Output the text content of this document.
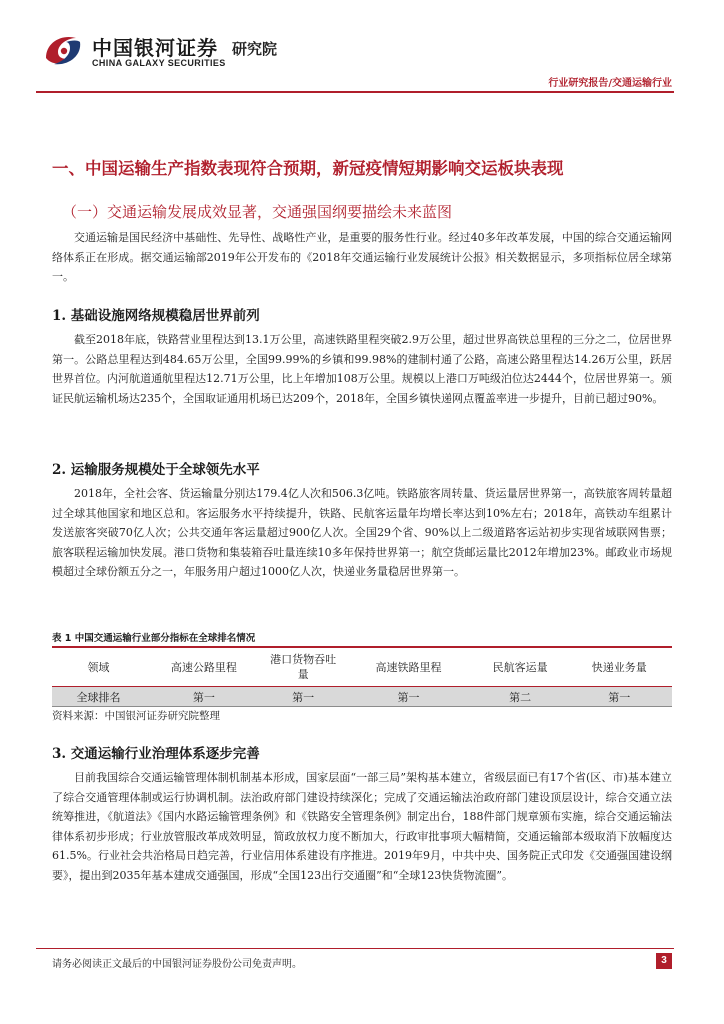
中国银河证券
CHINA GALAXY SECURITIES
研究院
行业研究报告/交通运输行业
一、中国运输生产指数表现符合预期，新冠疫情短期影响交运板块表现
（一）交通运输发展成效显著，交通强国纲要描绘未来蓝图

交通运输是国民经济中基础性、先导性、战略性产业，是重要的服务性行业。经过40多年改革发展，中国的综合交通运输网络体系正在形成。据交通运输部2019年公开发布的《2018年交通运输行业发展统计公报》相关数据显示，多项指标位居全球第一。

1. 基础设施网络规模稳居世界前列

截至2018年底，铁路营业里程达到13.1万公里，高速铁路里程突破2.9万公里，超过世界高铁总里程的三分之二，位居世界第一。公路总里程达到484.65万公里，全国99.99%的乡镇和99.98%的建制村通了公路，高速公路里程达14.26万公里，跃居世界首位。内河航道通航里程达12.71万公里，比上年增加108万公里。规模以上港口万吨级泊位达2444个，位居世界第一。颁证民航运输机场达235个，全国取证通用机场已达209个，2018年，全国乡镇快递网点覆盖率进一步提升，目前已超过90%。

2. 运输服务规模处于全球领先水平

2018年，全社会客、货运输量分别达179.4亿人次和506.3亿吨。铁路旅客周转量、货运量居世界第一，高铁旅客周转量超过全球其他国家和地区总和。客运服务水平持续提升，铁路、民航客运量年均增长率达到10%左右；2018年，高铁动车组累计发送旅客突破70亿人次；公共交通年客运量超过900亿人次。全国29个省、90%以上二级道路客运站初步实现省域联网售票；旅客联程运输加快发展。港口货物和集装箱吞吐量连续10多年保持世界第一；航空货邮运量比2012年增加23%。邮政业市场规模超过全球份额五分之一，年服务用户超过1000亿人次，快递业务量稳居世界第一。

表 1 中国交通运输行业部分指标在全球排名情况
领域	高速公路里程	港口货物吞吐量	高速铁路里程	民航客运量	快递业务量
全球排名	第一	第一	第一	第二	第一
资料来源：中国银河证券研究院整理
3. 交通运输行业治理体系逐步完善

目前我国综合交通运输管理体制机制基本形成，国家层面“一部三局”架构基本建立，省级层面已有17个省(区、市)基本建立了综合交通管理体制或运行协调机制。法治政府部门建设持续深化；完成了交通运输法治政府部门建设顶层设计，综合交通立法统筹推进，《航道法》《国内水路运输管理条例》和《铁路安全管理条例》制定出台，188件部门规章颁布实施，综合交通运输法律体系初步形成；行业放管服改革成效明显，简政放权力度不断加大，行政审批事项大幅精简，交通运输部本级取消下放幅度达61.5%。行业社会共治格局日趋完善，行业信用体系建设有序推进。2019年9月，中共中央、国务院正式印发《交通强国建设纲要》，提出到2035年基本建成交通强国，形成“全国123出行交通圈”和“全球123快货物流圈”。

请务必阅读正文最后的中国银河证券股份公司免责声明。	3
